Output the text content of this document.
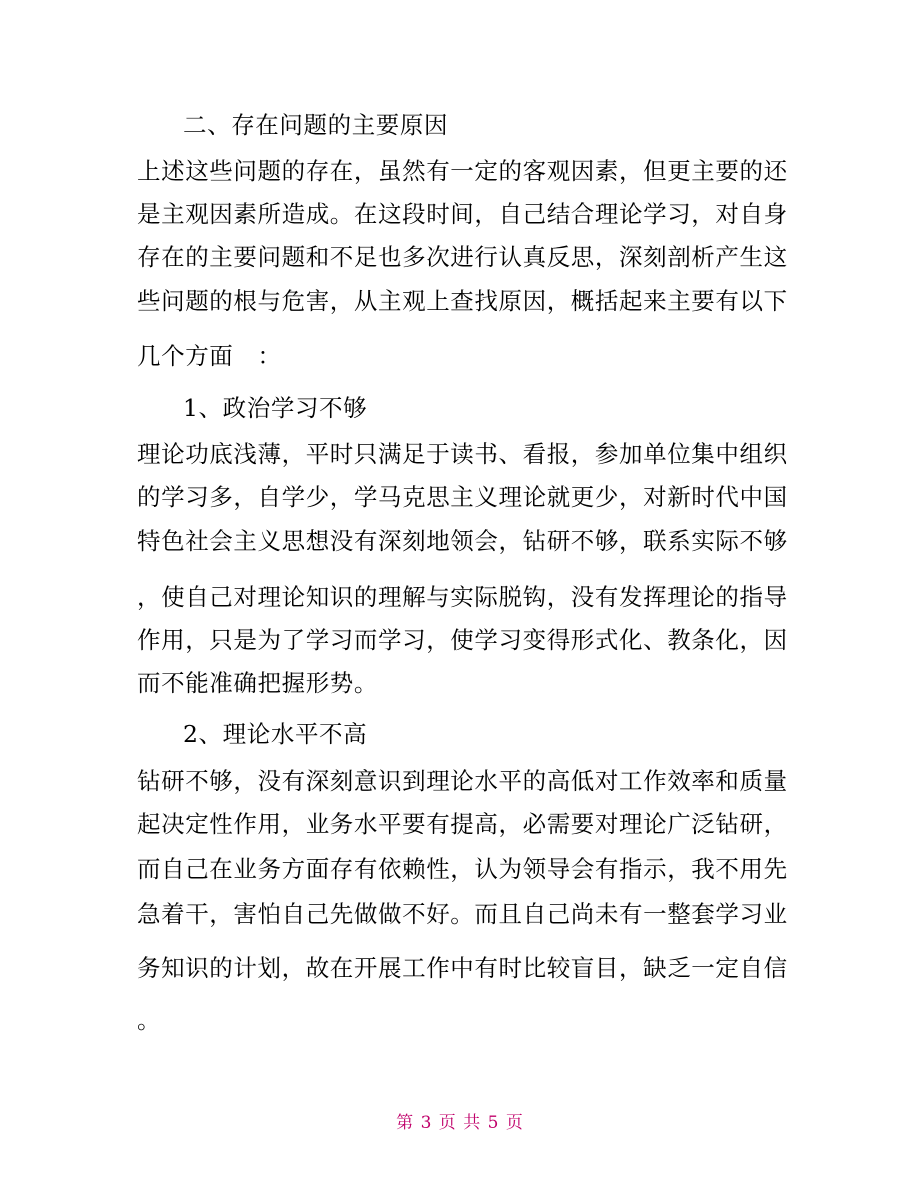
二、存在问题的主要原因
上述这些问题的存在，虽然有一定的客观因素，但更主要的还
是主观因素所造成。在这段时间，自己结合理论学习，对自身
存在的主要问题和不足也多次进行认真反思，深刻剖析产生这
些问题的根与危害，从主观上查找原因，概括起来主要有以下
几个方面　：
1、政治学习不够
理论功底浅薄，平时只满足于读书、看报，参加单位集中组织
的学习多，自学少，学马克思主义理论就更少，对新时代中国
特色社会主义思想没有深刻地领会，钻研不够，联系实际不够
，使自己对理论知识的理解与实际脱钩，没有发挥理论的指导
作用，只是为了学习而学习，使学习变得形式化、教条化，因
而不能准确把握形势。
2、理论水平不高
钻研不够，没有深刻意识到理论水平的高低对工作效率和质量
起决定性作用，业务水平要有提高，必需要对理论广泛钻研，
而自己在业务方面存有依赖性，认为领导会有指示，我不用先
急着干，害怕自己先做做不好。而且自己尚未有一整套学习业
务知识的计划，故在开展工作中有时比较盲目，缺乏一定自信
。
第 3 页 共 5 页
